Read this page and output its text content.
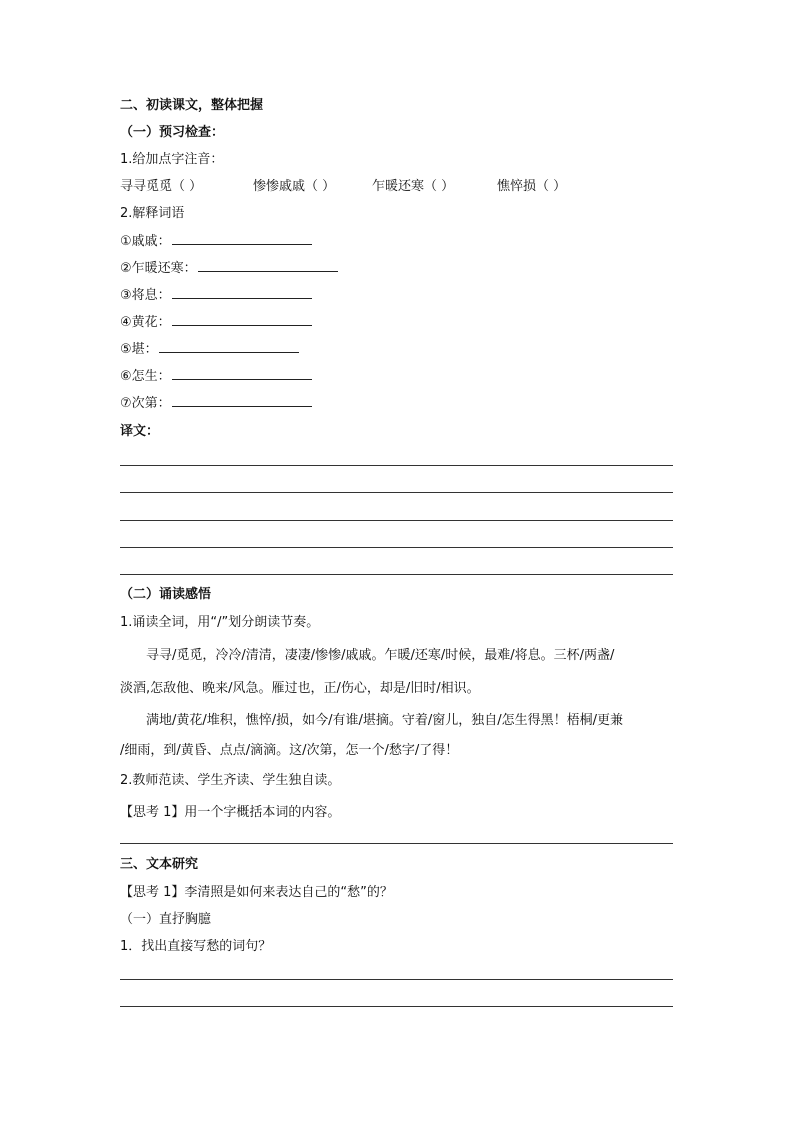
二、初读课文，整体把握
（一）预习检查：
1.给加点字注音：
寻寻觅觅（ ）	惨惨戚戚（ ）	乍暖还寒（ ）	憔悴损（ ）
2.解释词语
①戚戚：
②乍暖还寒：
③将息：
④黄花：
⑤堪：
⑥怎生：
⑦次第：
译文：
（二）诵读感悟
1.诵读全词，用“/”划分朗读节奏。
寻寻/觅觅，冷冷/清清，凄凄/惨惨/戚戚。乍暖/还寒/时候，最难/将息。三杯/两盏/
淡酒,怎敌他、晚来/风急。雁过也，正/伤心，却是/旧时/相识。
满地/黄花/堆积，憔悴/损，如今/有谁/堪摘。守着/窗儿，独自/怎生得黑！梧桐/更兼
/细雨，到/黄昏、点点/滴滴。这/次第，怎一个/愁字/了得！
2.教师范读、学生齐读、学生独自读。
【思考 1】用一个字概括本词的内容。
三、文本研究
【思考 1】李清照是如何来表达自己的“愁”的？
（一）直抒胸臆
1．找出直接写愁的词句？
